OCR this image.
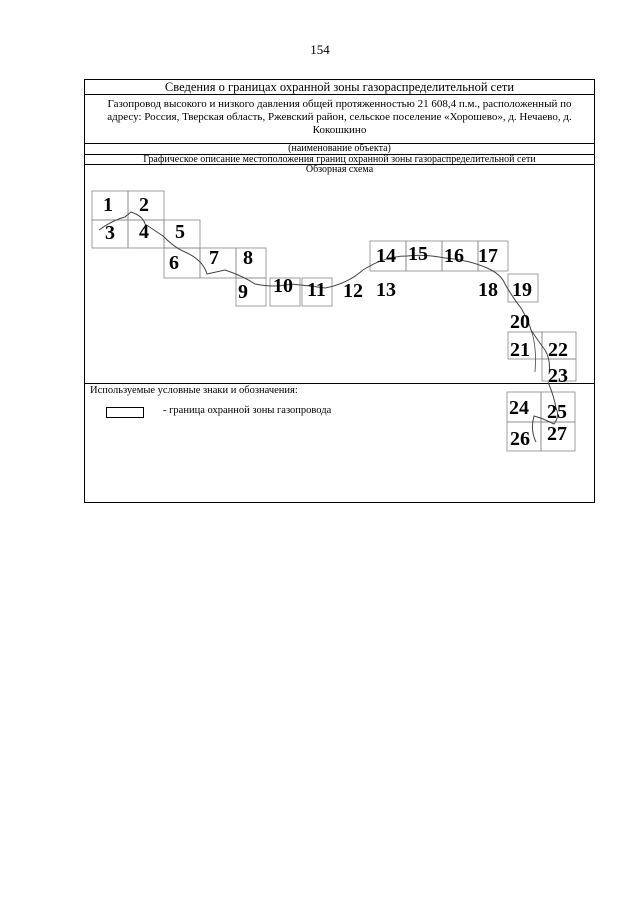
154
Сведения о границах охранной зоны газораспределительной сети
Газопровод высокого и низкого давления общей протяженностью 21 608,4 п.м., расположенный по адресу: Россия, Тверская область, Ржевский район, сельское поселение «Хорошево», д. Нечаево, д. Кокошкино
(наименование объекта)
Графическое описание местоположения границ охранной зоны газораспределительной сети
Обзорная схема
1 2
3 4 5
6 7 8
9 10 11 12 13
14 15 16 17
18 19
20
21 22
23
Используемые условные знаки и обозначения:
- граница охранной зоны газопровода	24 25
26 27
